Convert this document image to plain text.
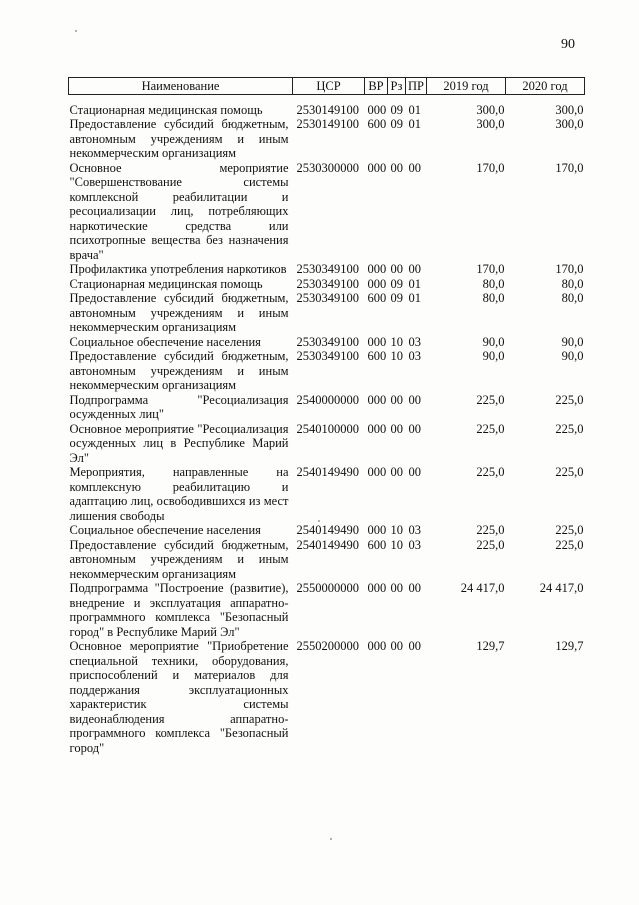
90
Наименование	ЦСР	ВР	Рз	ПР	2019 год	2020 год
Стационарная медицинская помощь	2530149100	000	09	01	300,0	300,0
Предоставление субсидий бюджетным, автономным учреждениям и иным некоммерческим организациям	2530149100	600	09	01	300,0	300,0
Основное мероприятие "Совершенствование системы комплексной реабилитации и ресоциализации лиц, потребляющих наркотические средства или психотропные вещества без назначения врача"	2530300000	000	00	00	170,0	170,0
Профилактика употребления наркотиков	2530349100	000	00	00	170,0	170,0
Стационарная медицинская помощь	2530349100	000	09	01	80,0	80,0
Предоставление субсидий бюджетным, автономным учреждениям и иным некоммерческим организациям	2530349100	600	09	01	80,0	80,0
Социальное обеспечение населения	2530349100	000	10	03	90,0	90,0
Предоставление субсидий бюджетным, автономным учреждениям и иным некоммерческим организациям	2530349100	600	10	03	90,0	90,0
Подпрограмма "Ресоциализация осужденных лиц"	2540000000	000	00	00	225,0	225,0
Основное мероприятие "Ресоциализация осужденных лиц в Республике Марий Эл"	2540100000	000	00	00	225,0	225,0
Мероприятия, направленные на комплексную реабилитацию и адаптацию лиц, освободившихся из мест лишения свободы	2540149490	000	00	00	225,0	225,0
Социальное обеспечение населения	2540149490	000	10	03	225,0	225,0
Предоставление субсидий бюджетным, автономным учреждениям и иным некоммерческим организациям	2540149490	600	10	03	225,0	225,0
Подпрограмма "Построение (развитие), внедрение и эксплуатация аппаратно-программного комплекса "Безопасный город" в Республике Марий Эл"	2550000000	000	00	00	24 417,0	24 417,0
Основное мероприятие "Приобретение специальной техники, оборудования, приспособлений и материалов для поддержания эксплуатационных характеристик системы видеонаблюдения аппаратно-программного комплекса "Безопасный город"	2550200000	000	00	00	129,7	129,7
